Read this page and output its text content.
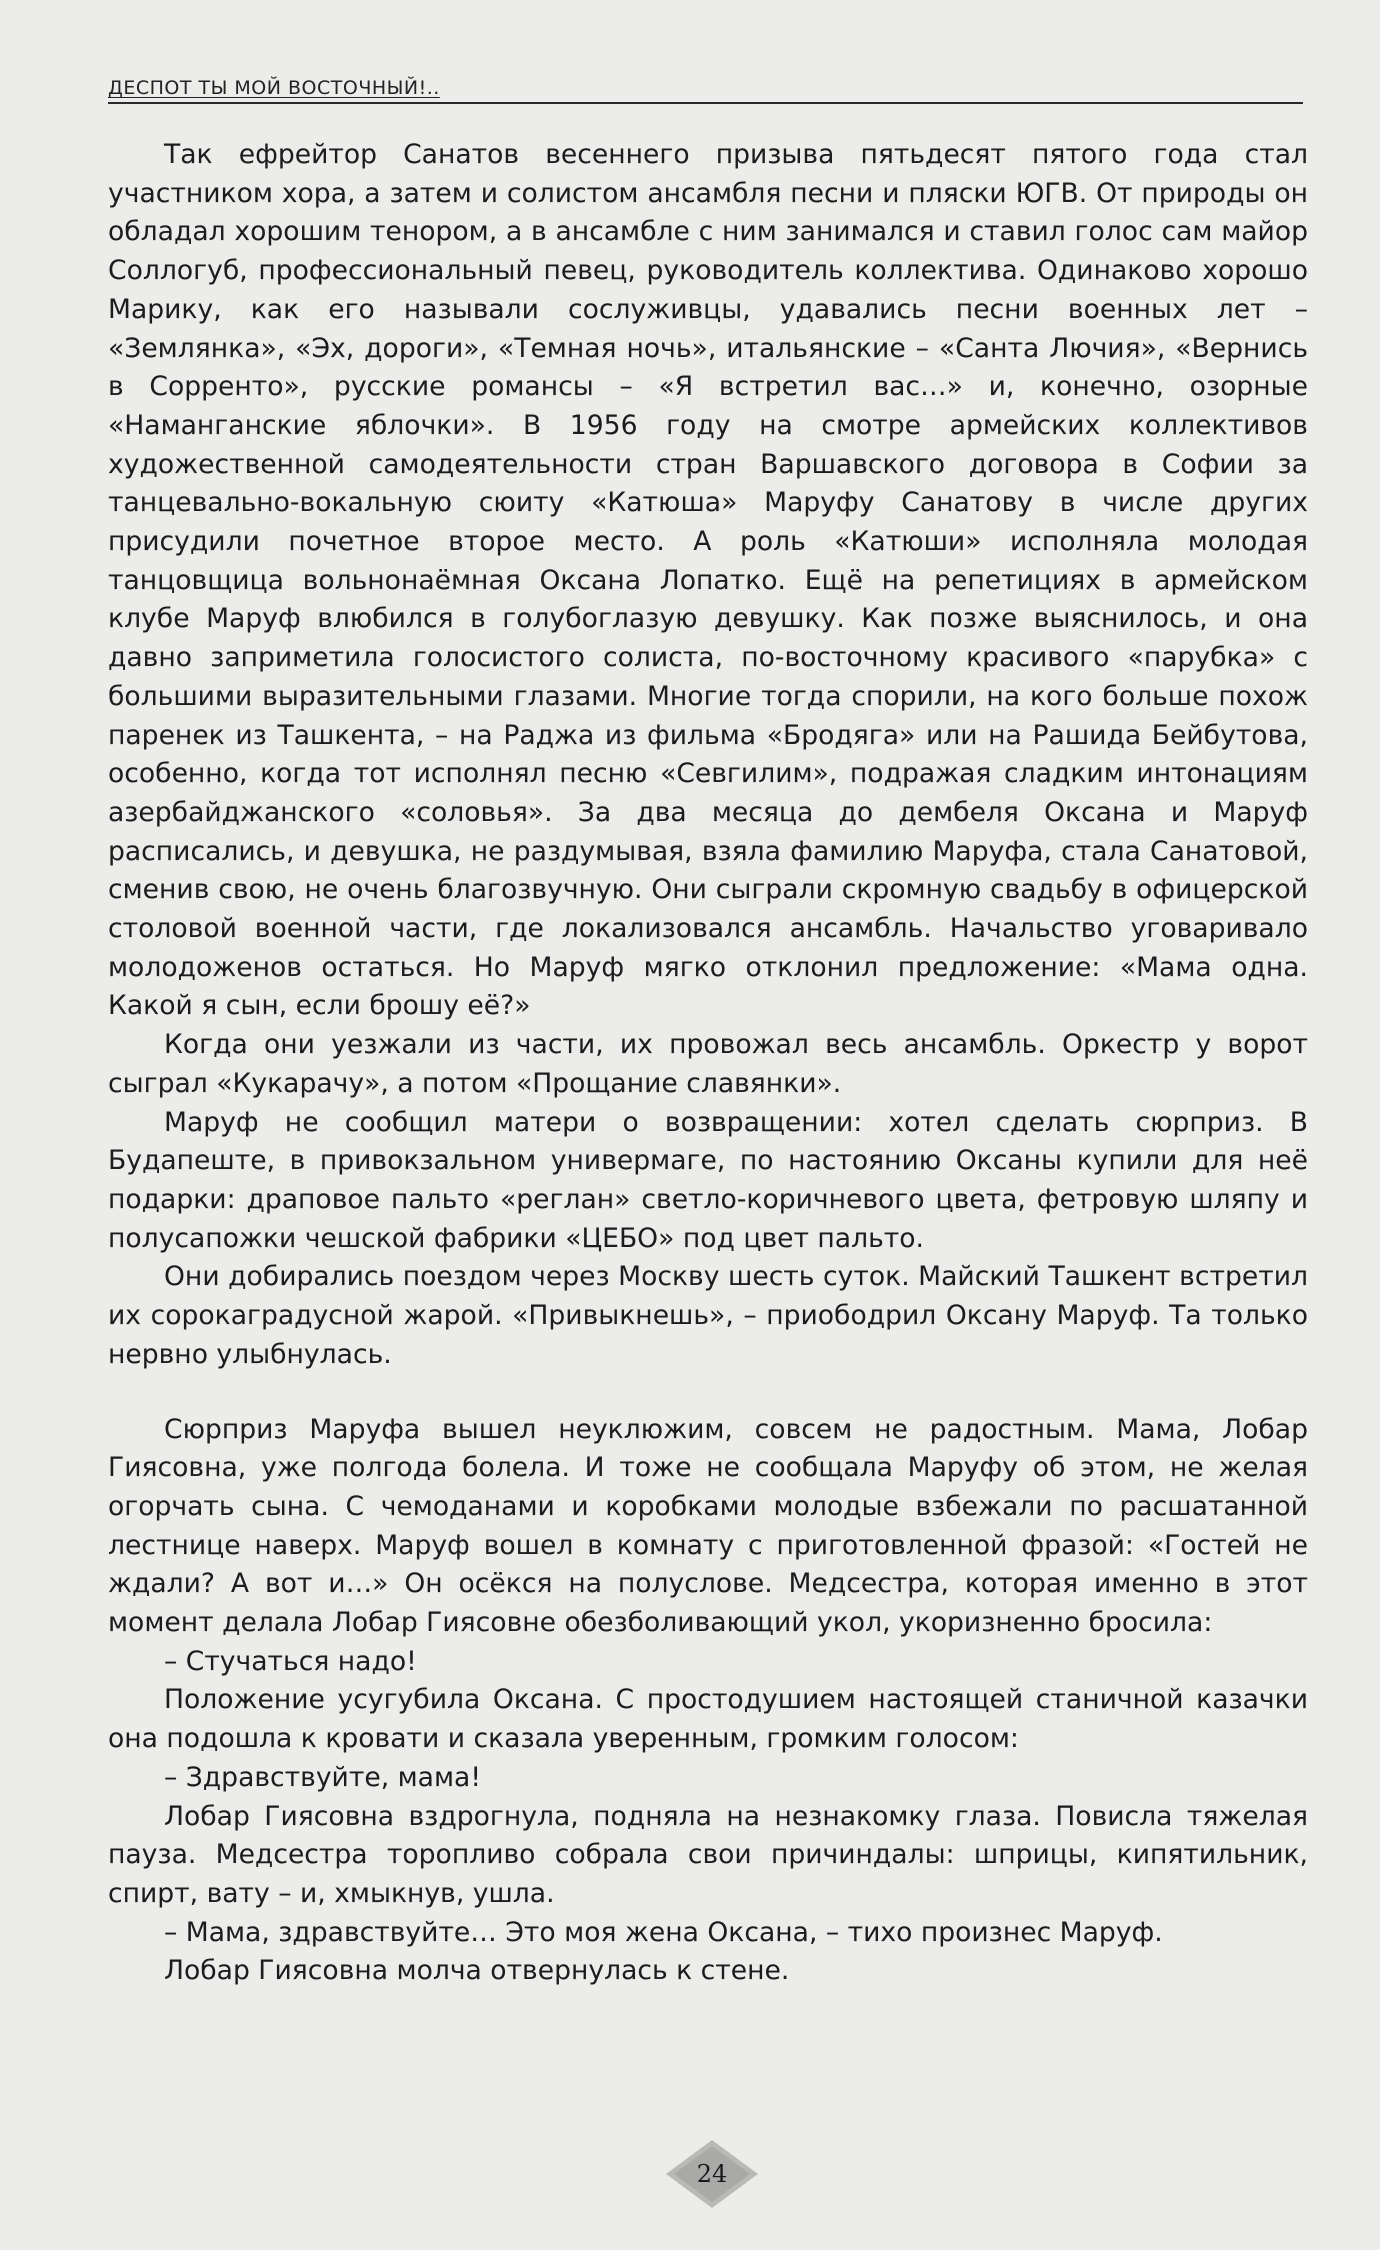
ДЕСПОТ ТЫ МОЙ ВОСТОЧНЫЙ!..

Так ефрейтор Санатов весеннего призыва пятьдесят пятого года стал участником хора, а затем и солистом ансамбля песни и пляски ЮГВ. От природы он обладал хорошим тенором, а в ансамбле с ним занимался и ставил голос сам майор Соллогуб, профессиональный певец, руководитель коллектива. Одинаково хорошо Марику, как его называли сослуживцы, удавались песни военных лет – «Землянка», «Эх, дороги», «Темная ночь», итальянские – «Санта Лючия», «Вернись в Сорренто», русские романсы – «Я встретил вас…» и, конечно, озорные «Наманганские яблочки». В 1956 году на смотре армейских коллективов художественной самодеятельности стран Варшавского договора в Софии за танцевально-вокальную сюиту «Катюша» Маруфу Санатову в числе других присудили почетное второе место. А роль «Катюши» исполняла молодая танцовщица вольнонаёмная Оксана Лопатко. Ещё на репетициях в армейском клубе Маруф влюбился в голубоглазую девушку. Как позже выяснилось, и она давно заприметила голосистого солиста, по-восточному красивого «парубка» с большими выразительными глазами. Многие тогда спорили, на кого больше похож паренек из Ташкента, – на Раджа из фильма «Бродяга» или на Рашида Бейбутова, особенно, когда тот исполнял песню «Севгилим», подражая сладким интонациям азербайджанского «соловья». За два месяца до дембеля Оксана и Маруф расписались, и девушка, не раздумывая, взяла фамилию Маруфа, стала Санатовой, сменив свою, не очень благозвучную. Они сыграли скромную свадьбу в офицерской столовой военной части, где локализовался ансамбль. Начальство уговаривало молодоженов остаться. Но Маруф мягко отклонил предложение: «Мама одна. Какой я сын, если брошу её?»

Когда они уезжали из части, их провожал весь ансамбль. Оркестр у ворот сыграл «Кукарачу», а потом «Прощание славянки».

Маруф не сообщил матери о возвращении: хотел сделать сюрприз. В Будапеште, в привокзальном универмаге, по настоянию Оксаны купили для неё подарки: драповое пальто «реглан» светло-коричневого цвета, фетровую шляпу и полусапожки чешской фабрики «ЦЕБО» под цвет пальто.

Они добирались поездом через Москву шесть суток. Майский Ташкент встретил их сорокаградусной жарой. «Привыкнешь», – приободрил Оксану Маруф. Та только нервно улыбнулась.

Сюрприз Маруфа вышел неуклюжим, совсем не радостным. Мама, Лобар Гиясовна, уже полгода болела. И тоже не сообщала Маруфу об этом, не желая огорчать сына. С чемоданами и коробками молодые взбежали по расшатанной лестнице наверх. Маруф вошел в комнату с приготовленной фразой: «Гостей не ждали? А вот и…» Он осёкся на полуслове. Медсестра, которая именно в этот момент делала Лобар Гиясовне обезболивающий укол, укоризненно бросила:

– Стучаться надо!

Положение усугубила Оксана. С простодушием настоящей станичной казачки она подошла к кровати и сказала уверенным, громким голосом:

– Здравствуйте, мама!

Лобар Гиясовна вздрогнула, подняла на незнакомку глаза. Повисла тяжелая пауза. Медсестра торопливо собрала свои причиндалы: шприцы, кипятильник, спирт, вату – и, хмыкнув, ушла.

– Мама, здравствуйте… Это моя жена Оксана, – тихо произнес Маруф.

Лобар Гиясовна молча отвернулась к стене.

24
